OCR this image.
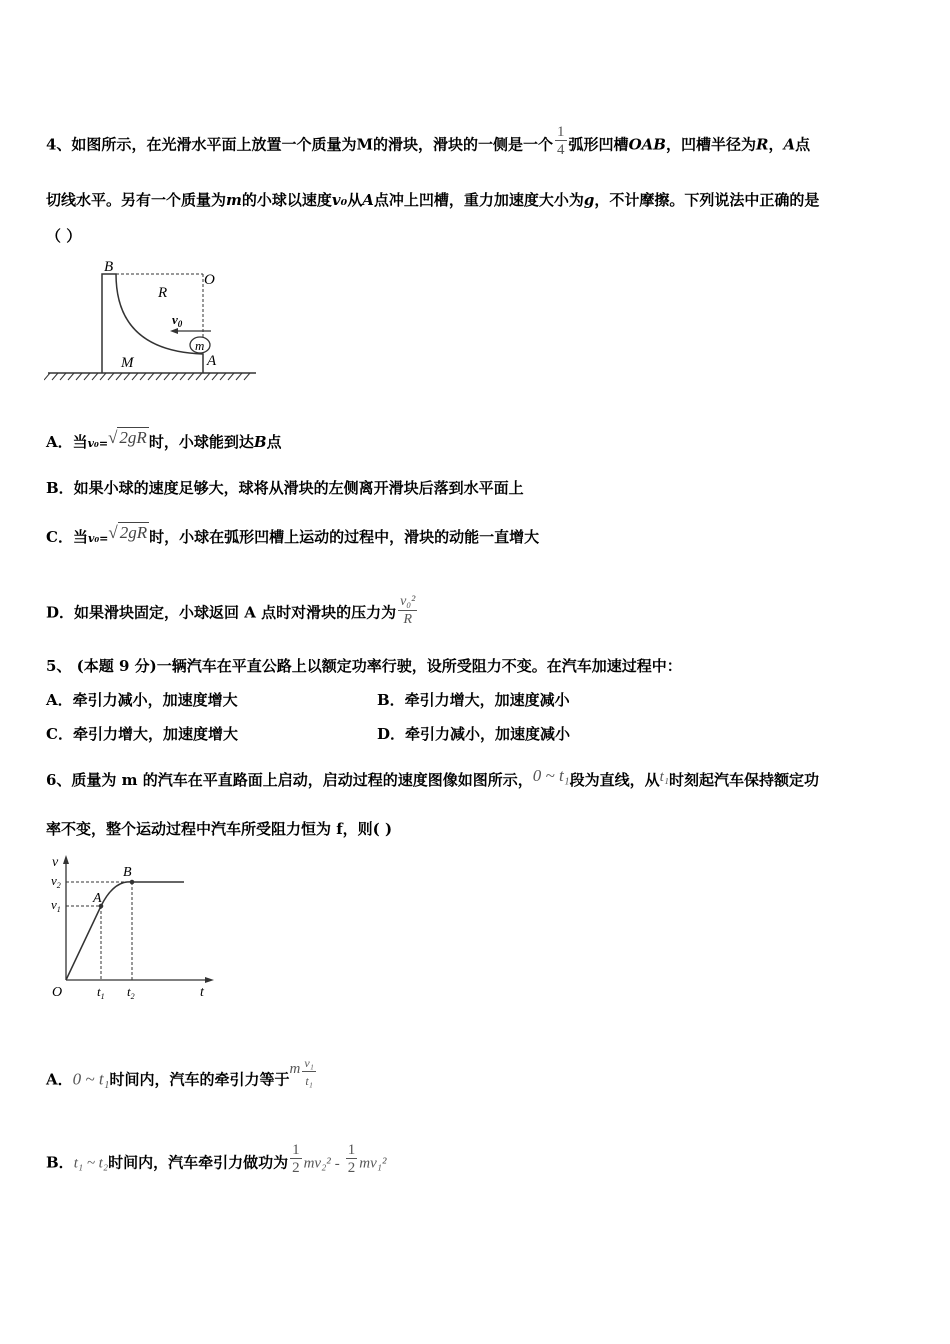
4、如图所示，在光滑水平面上放置一个质量为M的滑块，滑块的一侧是一个 $\frac{1}{4}$ 弧形凹槽OAB，凹槽半径为R，A点
切线水平。另有一个质量为m的小球以速度v₀从A点冲上凹槽，重力加速度大小为g，不计摩擦。下列说法中正确的是
（ ）
B
O
R
$v_0$
m
M	A
A．当v₀=√ 2gR 时，小球能到达B点
B．如果小球的速度足够大，球将从滑块的左侧离开滑块后落到水平面上
C．当v₀=√ 2gR 时，小球在弧形凹槽上运动的过程中，滑块的动能一直增大
D．如果滑块固定，小球返回 A 点时对滑块的压力为 $\frac{\text{v₀²}}{R}$
5、 (本题 9 分)一辆汽车在平直公路上以额定功率行驶，设所受阻力不变。在汽车加速过程中：
A．牵引力减小，加速度增大	B．牵引力增大，加速度减小
C．牵引力增大，加速度增大	D．牵引力减小，加速度减小
6、质量为 m 的汽车在平直路面上启动，启动过程的速度图像如图所示，0 ~ t₁段为直线，从t₁时刻起汽车保持额定功
率不变，整个运动过程中汽车所受阻力恒为 f，则( )
v
$v_2$
$v_1$
A
B
O	$t_1$ $t_2$	t
A．0 ~ t₁时间内，汽车的牵引力等于m $\frac{\text{v₁}}{\text{t₁}}$
B．t₁ ~ t₂时间内，汽车牵引力做功为 $\frac{1}{2} mv_2^2 - \frac{1}{2} mv_1^2$
